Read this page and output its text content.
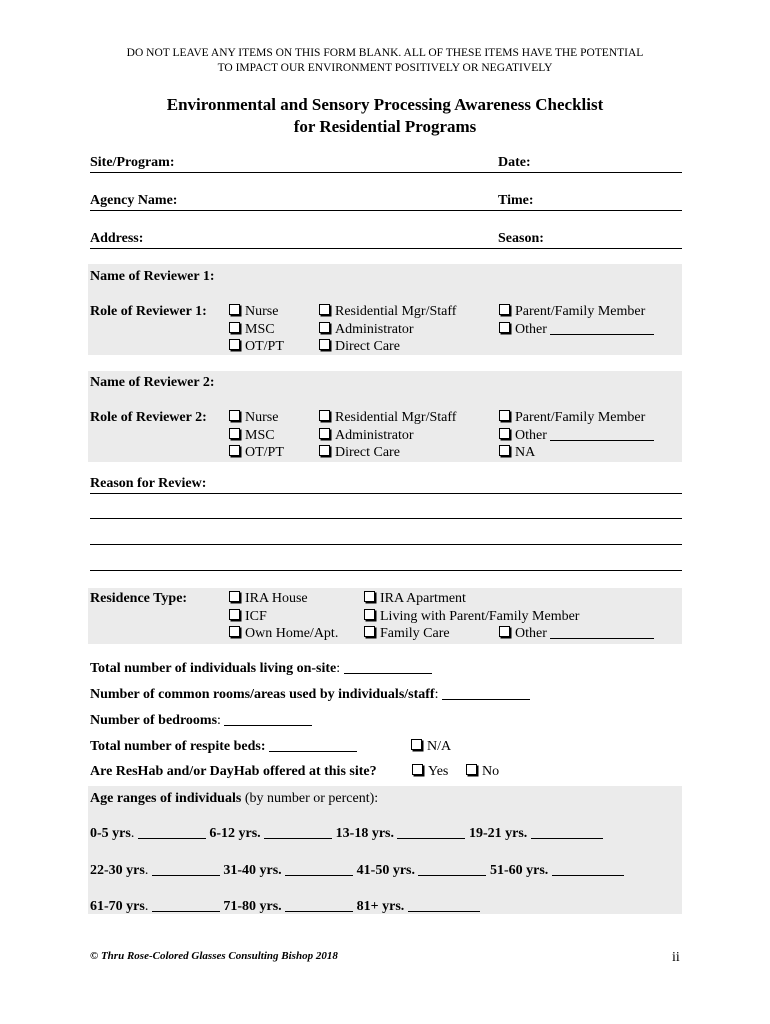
DO NOT LEAVE ANY ITEMS ON THIS FORM BLANK. ALL OF THESE ITEMS HAVE THE POTENTIAL
TO IMPACT OUR ENVIRONMENT POSITIVELY OR NEGATIVELY
Environmental and Sensory Processing Awareness Checklist
for Residential Programs
Site/Program:	Date:
Agency Name:	Time:
Address:	Season:
Name of Reviewer 1:
Role of Reviewer 1:	Nurse
MSC
OT/PT
Residential Mgr/Staff
Administrator
Direct Care
Parent/Family Member
Other
Name of Reviewer 2:
Role of Reviewer 2:	Nurse
MSC
OT/PT
Residential Mgr/Staff
Administrator
Direct Care
Parent/Family Member
Other
NA
Reason for Review:
Residence Type:	IRA House
ICF
Own Home/Apt.
IRA Apartment
Living with Parent/Family Member
Family Care	Other
Total number of individuals living on-site:
Number of common rooms/areas used by individuals/staff:
Number of bedrooms:
Total number of respite beds:	N/A
Are ResHab and/or DayHab offered at this site?	Yes	No
Age ranges of individuals (by number or percent):
0-5 yrs.	6-12 yrs.	13-18 yrs.	19-21 yrs.
22-30 yrs.	31-40 yrs.	41-50 yrs.	51-60 yrs.
61-70 yrs.	71-80 yrs.	81+ yrs.
© Thru Rose-Colored Glasses Consulting Bishop 2018	ii
